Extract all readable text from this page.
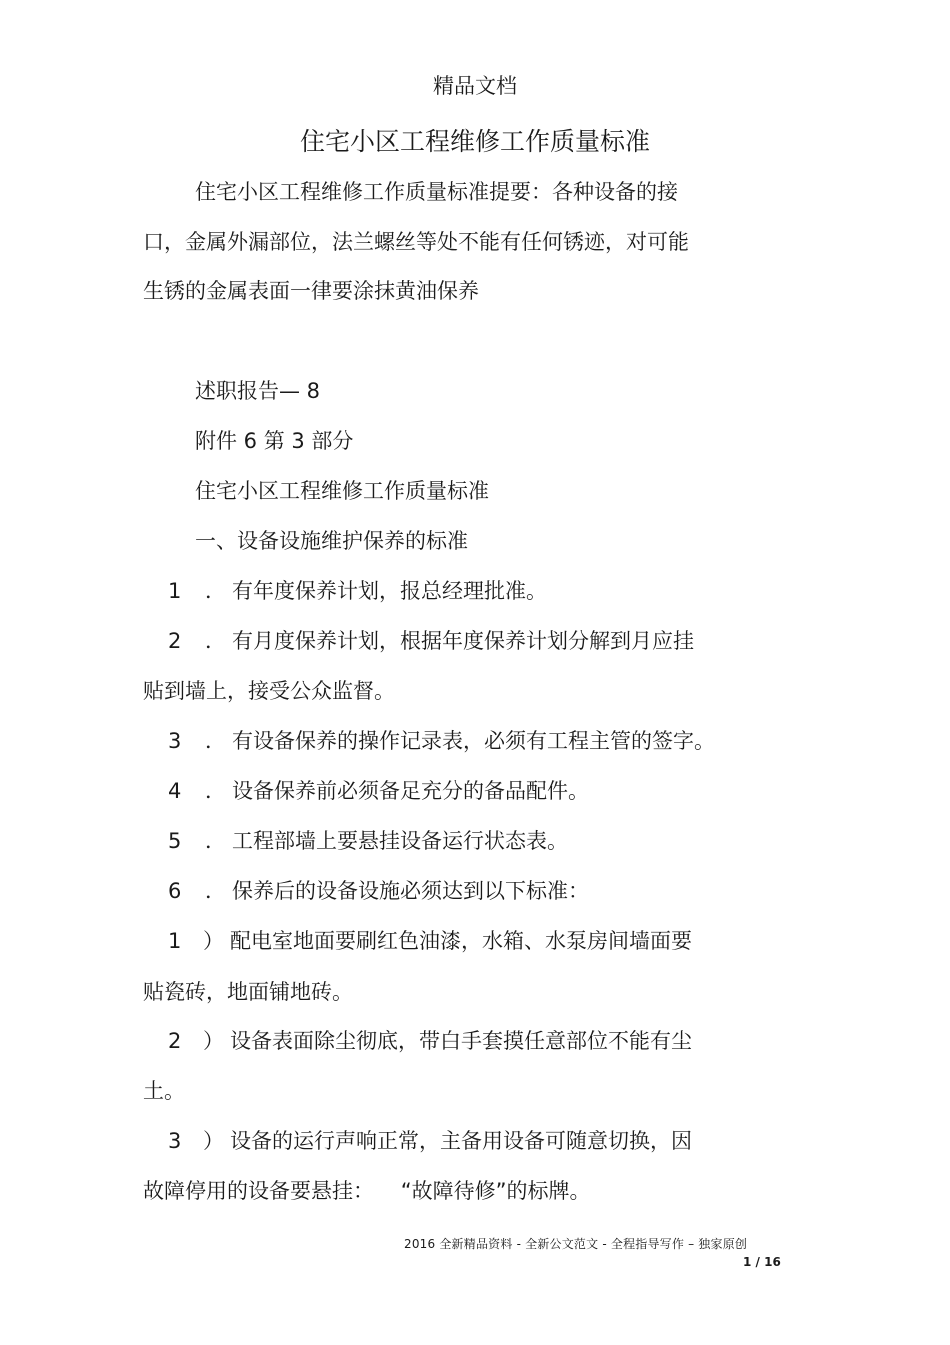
精品文档
住宅小区工程维修工作质量标准
住宅小区工程维修工作质量标准提要：各种设备的接
口，金属外漏部位，法兰螺丝等处不能有任何锈迹，对可能
生锈的金属表面一律要涂抹黄油保养
述职报告— 8
附件 6 第 3 部分
住宅小区工程维修工作质量标准
一、设备设施维护保养的标准
1 ． 有年度保养计划，报总经理批准。
2 ． 有月度保养计划，根据年度保养计划分解到月应挂
贴到墙上，接受公众监督。
3 ． 有设备保养的操作记录表，必须有工程主管的签字。
4 ． 设备保养前必须备足充分的备品配件。
5 ． 工程部墙上要悬挂设备运行状态表。
6 ． 保养后的设备设施必须达到以下标准：
1 ） 配电室地面要刷红色油漆，水箱、水泵房间墙面要
贴瓷砖，地面铺地砖。
2 ） 设备表面除尘彻底，带白手套摸任意部位不能有尘
土。
3 ） 设备的运行声响正常，主备用设备可随意切换，因
故障停用的设备要悬挂：    “故障待修”的标牌。
2016 全新精品资料 - 全新公文范文 - 全程指导写作 – 独家原创
1 / 16
